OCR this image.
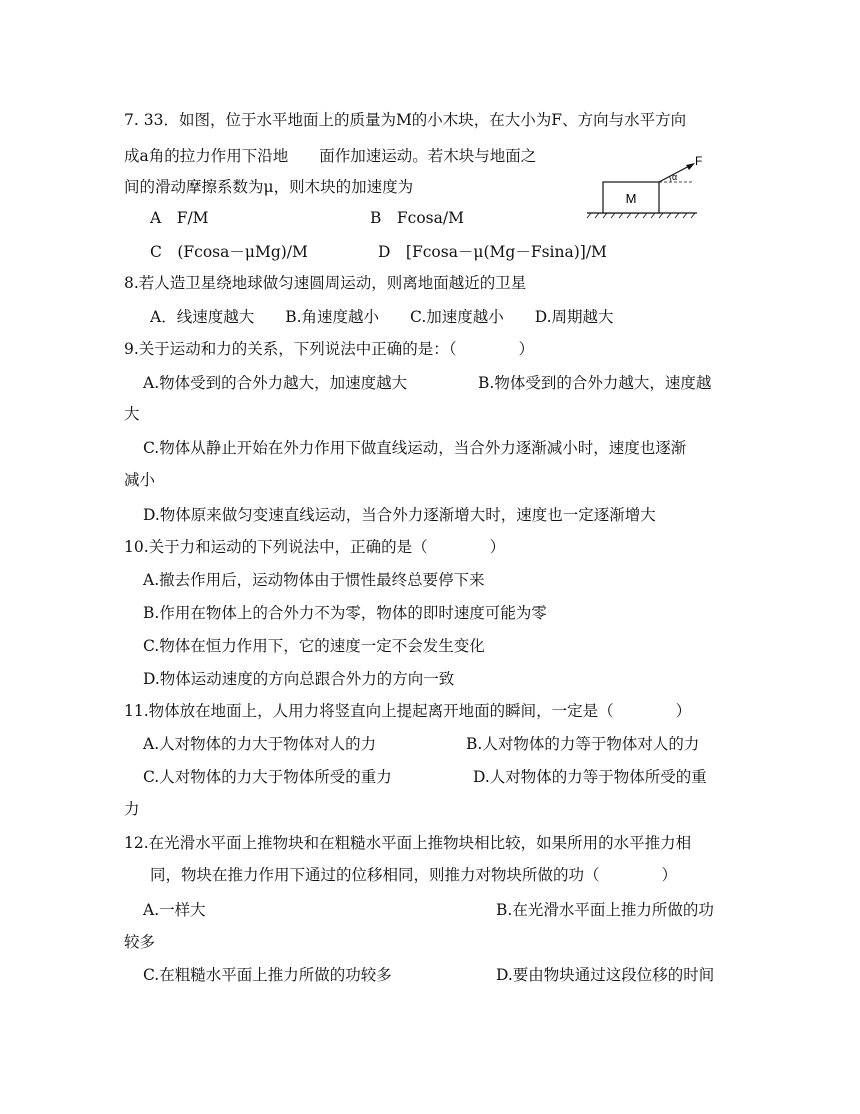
7. 33．如图，位于水平地面上的质量为M的小木块，在大小为F、方向与水平方向
成a角的拉力作用下沿地　　面作加速运动。若木块与地面之
间的滑动摩擦系数为μ，则木块的加速度为
A　F/M	B　Fcosa/M
C　(Fcosa－μMg)/M	D　[Fcosa－μ(Mg－Fsina)]/M
M
F
α
8.若人造卫星绕地球做匀速圆周运动，则离地面越近的卫星
A．线速度越大　　B.角速度越小　　C.加速度越小　　D.周期越大
9.关于运动和力的关系，下列说法中正确的是：（　　　　）
A.物体受到的合外力越大，加速度越大	B.物体受到的合外力越大，速度越
大
C.物体从静止开始在外力作用下做直线运动，当合外力逐渐减小时，速度也逐渐
减小
D.物体原来做匀变速直线运动，当合外力逐渐增大时，速度也一定逐渐增大
10.关于力和运动的下列说法中，正确的是（　　　　）
A.撤去作用后，运动物体由于惯性最终总要停下来
B.作用在物体上的合外力不为零，物体的即时速度可能为零
C.物体在恒力作用下，它的速度一定不会发生变化
D.物体运动速度的方向总跟合外力的方向一致
11.物体放在地面上，人用力将竖直向上提起离开地面的瞬间，一定是（　　　　）
A.人对物体的力大于物体对人的力	B.人对物体的力等于物体对人的力
C.人对物体的力大于物体所受的重力	D.人对物体的力等于物体所受的重
力
12.在光滑水平面上推物块和在粗糙水平面上推物块相比较，如果所用的水平推力相
同，物块在推力作用下通过的位移相同，则推力对物块所做的功（　　　　）
A.一样大	B.在光滑水平面上推力所做的功
较多
C.在粗糙水平面上推力所做的功较多	D.要由物块通过这段位移的时间
